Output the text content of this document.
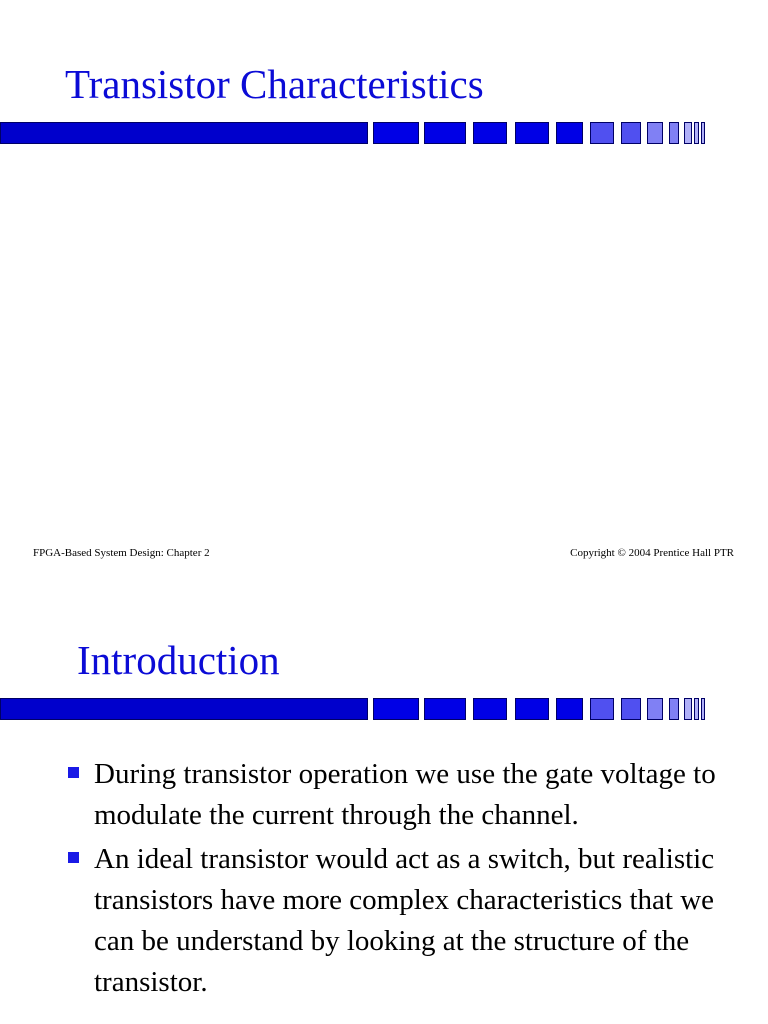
Transistor Characteristics
FPGA-Based System Design: Chapter 2	Copyright © 2004 Prentice Hall PTR
Introduction
During transistor operation we use the gate voltage to modulate the current through the channel.
An ideal transistor would act as a switch, but realistic transistors have more complex characteristics that we can be understand by looking at the structure of the transistor.
